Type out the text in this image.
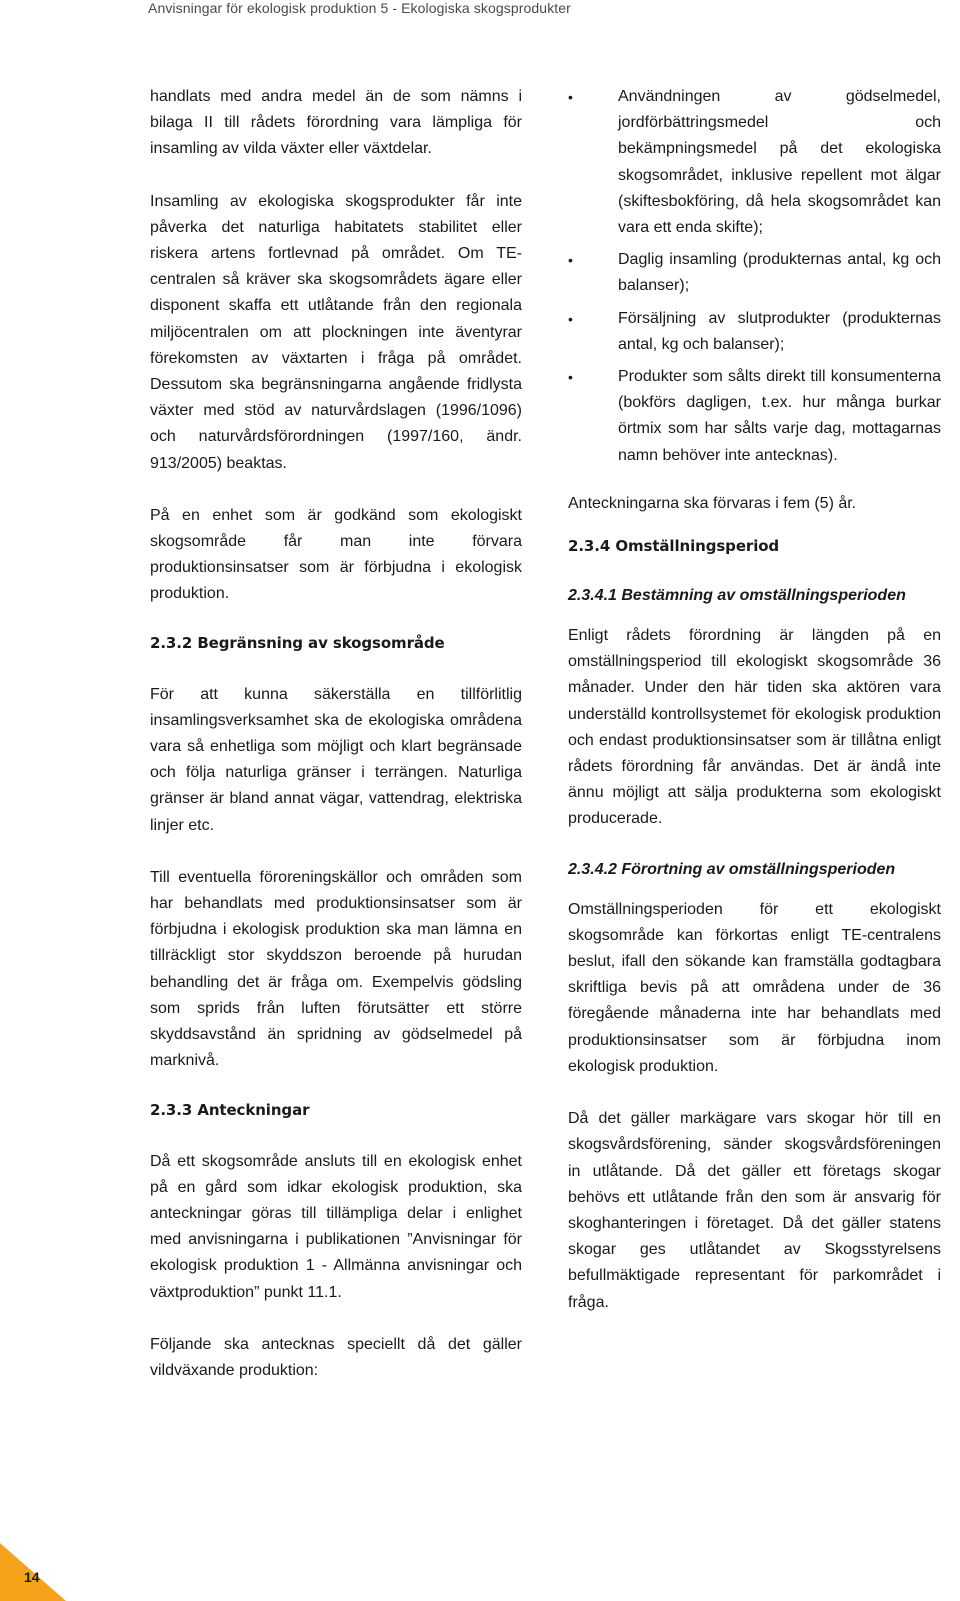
Anvisningar för ekologisk produktion 5 - Ekologiska skogsprodukter

handlats med andra medel än de som nämns i bilaga II till rådets förordning vara lämpliga för insamling av vilda växter eller växtdelar.

Insamling av ekologiska skogsprodukter får inte påverka det naturliga habitatets stabilitet eller riskera artens fortlevnad på området. Om TE-centralen så kräver ska skogsområdets ägare eller disponent skaffa ett utlåtande från den regionala miljöcentralen om att plockningen inte äventyrar förekomsten av växtarten i fråga på området. Dessutom ska begränsningarna angående fridlysta växter med stöd av naturvårdslagen (1996/1096) och naturvårdsförordningen (1997/160, ändr. 913/2005) beaktas.

På en enhet som är godkänd som ekologiskt skogsområde får man inte förvara produktionsinsatser som är förbjudna i ekologisk produktion.

2.3.2 Begränsning av skogsområde

För att kunna säkerställa en tillförlitlig insamlingsverksamhet ska de ekologiska områdena vara så enhetliga som möjligt och klart begränsade och följa naturliga gränser i terrängen. Naturliga gränser är bland annat vägar, vattendrag, elektriska linjer etc.

Till eventuella föroreningskällor och områden som har behandlats med produktionsinsatser som är förbjudna i ekologisk produktion ska man lämna en tillräckligt stor skyddszon beroende på hurudan behandling det är fråga om. Exempelvis gödsling som sprids från luften förutsätter ett större skyddsavstånd än spridning av gödselmedel på marknivå.

2.3.3 Anteckningar

Då ett skogsområde ansluts till en ekologisk enhet på en gård som idkar ekologisk produktion, ska anteckningar göras till tillämpliga delar i enlighet med anvisningarna i publikationen ”Anvisningar för ekologisk produktion 1 - Allmänna anvisningar och växtproduktion” punkt 11.1.

Följande ska antecknas speciellt då det gäller vildväxande produktion:

•	Användningen av gödselmedel, jordförbättringsmedel och bekämpningsmedel på det ekologiska skogsområdet, inklusive repellent mot älgar (skiftesbokföring, då hela skogsområdet kan vara ett enda skifte);
•	Daglig insamling (produkternas antal, kg och balanser);
•	Försäljning av slutprodukter (produkternas antal, kg och balanser);
•	Produkter som sålts direkt till konsumenterna (bokförs dagligen, t.ex. hur många burkar örtmix som har sålts varje dag, mottagarnas namn behöver inte antecknas).

Anteckningarna ska förvaras i fem (5) år.

2.3.4 Omställningsperiod
2.3.4.1 Bestämning av omställningsperioden

Enligt rådets förordning är längden på en omställningsperiod till ekologiskt skogsområde 36 månader. Under den här tiden ska aktören vara underställd kontrollsystemet för ekologisk produktion och endast produktionsinsatser som är tillåtna enligt rådets förordning får användas. Det är ändå inte ännu möjligt att sälja produkterna som ekologiskt producerade.

2.3.4.2 Förortning av omställningsperioden

Omställningsperioden för ett ekologiskt skogsområde kan förkortas enligt TE-centralens beslut, ifall den sökande kan framställa godtagbara skriftliga bevis på att områdena under de 36 föregående månaderna inte har behandlats med produktionsinsatser som är förbjudna inom ekologisk produktion.

Då det gäller markägare vars skogar hör till en skogsvårdsförening, sänder skogsvårdsföreningen in utlåtande. Då det gäller ett företags skogar behövs ett utlåtande från den som är ansvarig för skoghanteringen i företaget. Då det gäller statens skogar ges utlåtandet av Skogsstyrelsens befullmäktigade representant för parkområdet i fråga.

14
